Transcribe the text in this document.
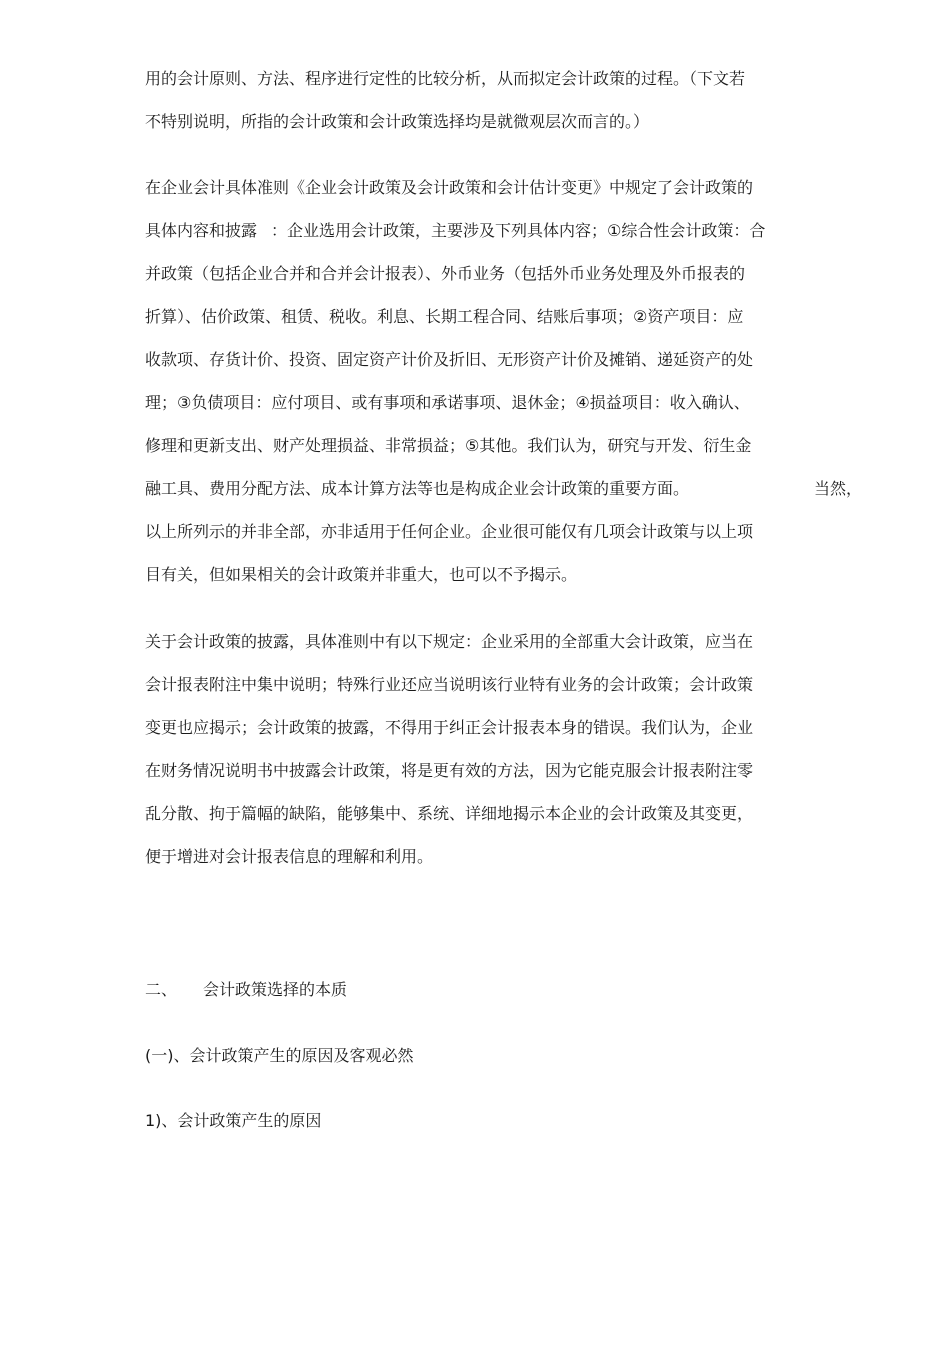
用的会计原则、方法、程序进行定性的比较分析，从而拟定会计政策的过程。（下文若
不特别说明，所指的会计政策和会计政策选择均是就微观层次而言的。）
在企业会计具体准则《企业会计政策及会计政策和会计估计变更》中规定了会计政策的
具体内容和披露 ：企业选用会计政策，主要涉及下列具体内容；①综合性会计政策：合
并政策（包括企业合并和合并会计报表）、外币业务（包括外币业务处理及外币报表的
折算）、估价政策、租赁、税收。利息、长期工程合同、结账后事项；②资产项目：应
收款项、存货计价、投资、固定资产计价及折旧、无形资产计价及摊销、递延资产的处
理；③负债项目：应付项目、或有事项和承诺事项、退休金；④损益项目：收入确认、
修理和更新支出、财产处理损益、非常损益；⑤其他。我们认为，研究与开发、衍生金
融工具、费用分配方法、成本计算方法等也是构成企业会计政策的重要方面。	当然，
以上所列示的并非全部，亦非适用于任何企业。企业很可能仅有几项会计政策与以上项
目有关，但如果相关的会计政策并非重大，也可以不予揭示。
关于会计政策的披露，具体准则中有以下规定：企业采用的全部重大会计政策，应当在
会计报表附注中集中说明；特殊行业还应当说明该行业特有业务的会计政策；会计政策
变更也应揭示；会计政策的披露，不得用于纠正会计报表本身的错误。我们认为，企业
在财务情况说明书中披露会计政策，将是更有效的方法，因为它能克服会计报表附注零
乱分散、拘于篇幅的缺陷，能够集中、系统、详细地揭示本企业的会计政策及其变更，
便于增进对会计报表信息的理解和利用。
二、 会计政策选择的本质
(一)、会计政策产生的原因及客观必然
1)、会计政策产生的原因
